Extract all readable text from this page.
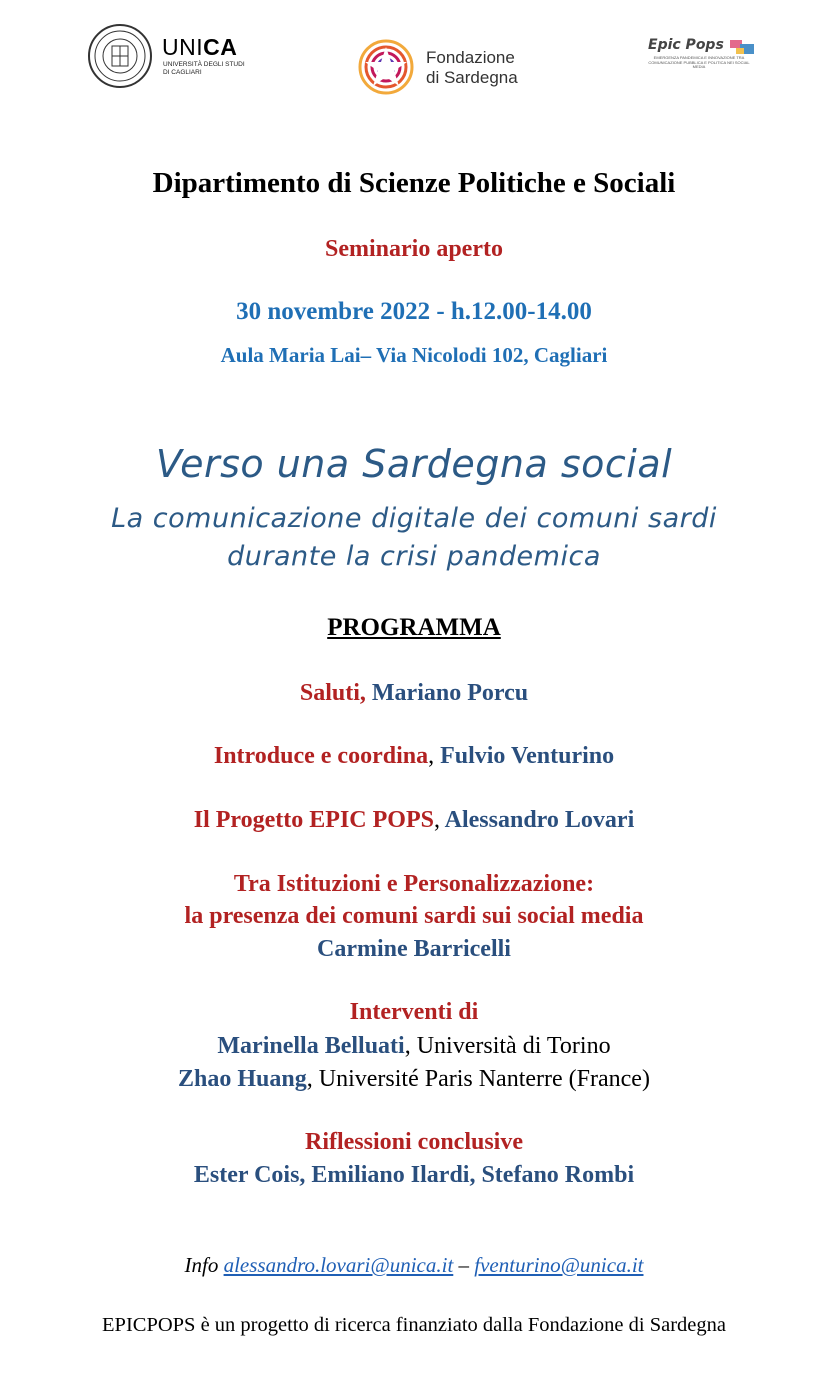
UNICA
UNIVERSITÀ DEGLI STUDI
DI CAGLIARI
Fondazione
di Sardegna
Epic Pops
EMERGENZA PANDEMICA E INNOVAZIONE TRA COMUNICAZIONE PUBBLICA E POLITICA NEI SOCIAL MEDIA
Dipartimento di Scienze Politiche e Sociali
Seminario aperto
30 novembre 2022 - h.12.00-14.00
Aula Maria Lai– Via Nicolodi 102, Cagliari
Verso una Sardegna social
La comunicazione digitale dei comuni sardi
durante la crisi pandemica
PROGRAMMA
Saluti, Mariano Porcu
Introduce e coordina, Fulvio Venturino
Il Progetto EPIC POPS, Alessandro Lovari
Tra Istituzioni e Personalizzazione:
la presenza dei comuni sardi sui social media
Carmine Barricelli
Interventi di
Marinella Belluati, Università di Torino
Zhao Huang, Université Paris Nanterre (France)
Riflessioni conclusive
Ester Cois, Emiliano Ilardi, Stefano Rombi
Info alessandro.lovari@unica.it – fventurino@unica.it
EPICPOPS è un progetto di ricerca finanziato dalla Fondazione di Sardegna
